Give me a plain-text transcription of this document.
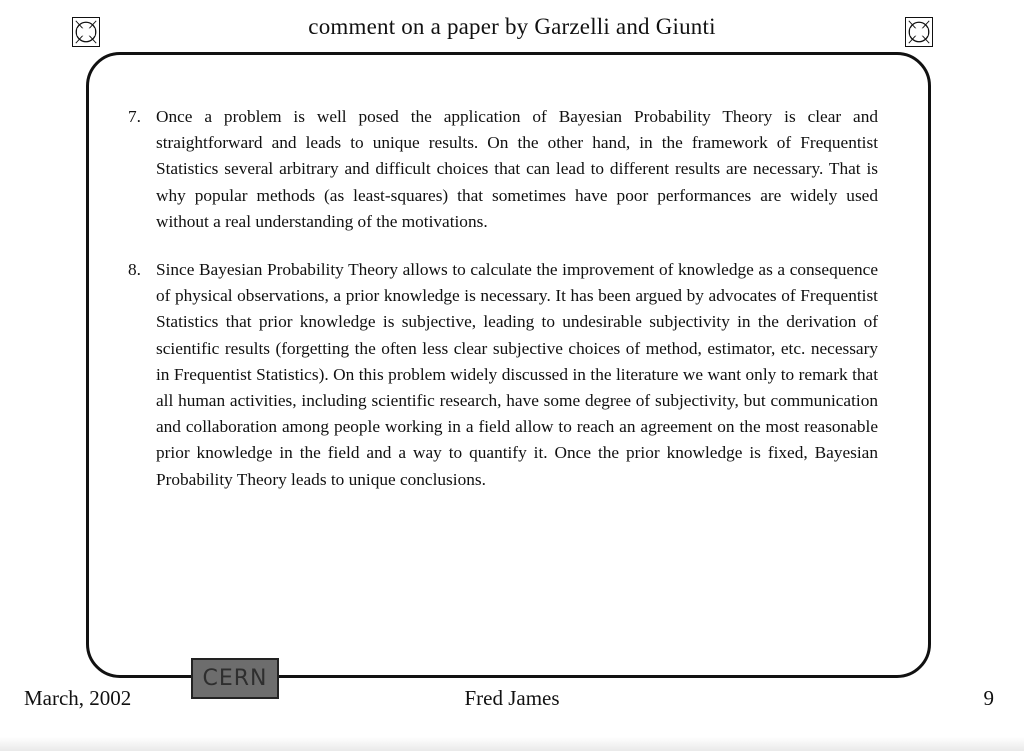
comment on a paper by Garzelli and Giunti
7. Once a problem is well posed the application of Bayesian Probability Theory is clear and straightforward and leads to unique results. On the other hand, in the framework of Frequentist Statistics several arbitrary and difficult choices that can lead to different results are necessary. That is why popular methods (as least-squares) that sometimes have poor performances are widely used without a real understanding of the motivations.
8. Since Bayesian Probability Theory allows to calculate the improvement of knowledge as a consequence of physical observations, a prior knowledge is necessary. It has been argued by advocates of Frequentist Statistics that prior knowledge is subjective, leading to undesirable subjectivity in the derivation of scientific results (forgetting the often less clear subjective choices of method, estimator, etc. necessary in Frequentist Statistics). On this problem widely discussed in the literature we want only to remark that all human activities, including scientific research, have some degree of subjectivity, but communication and collaboration among people working in a field allow to reach an agreement on the most reasonable prior knowledge in the field and a way to quantify it. Once the prior knowledge is fixed, Bayesian Probability Theory leads to unique conclusions.
CERN
March, 2002	Fred James	9
